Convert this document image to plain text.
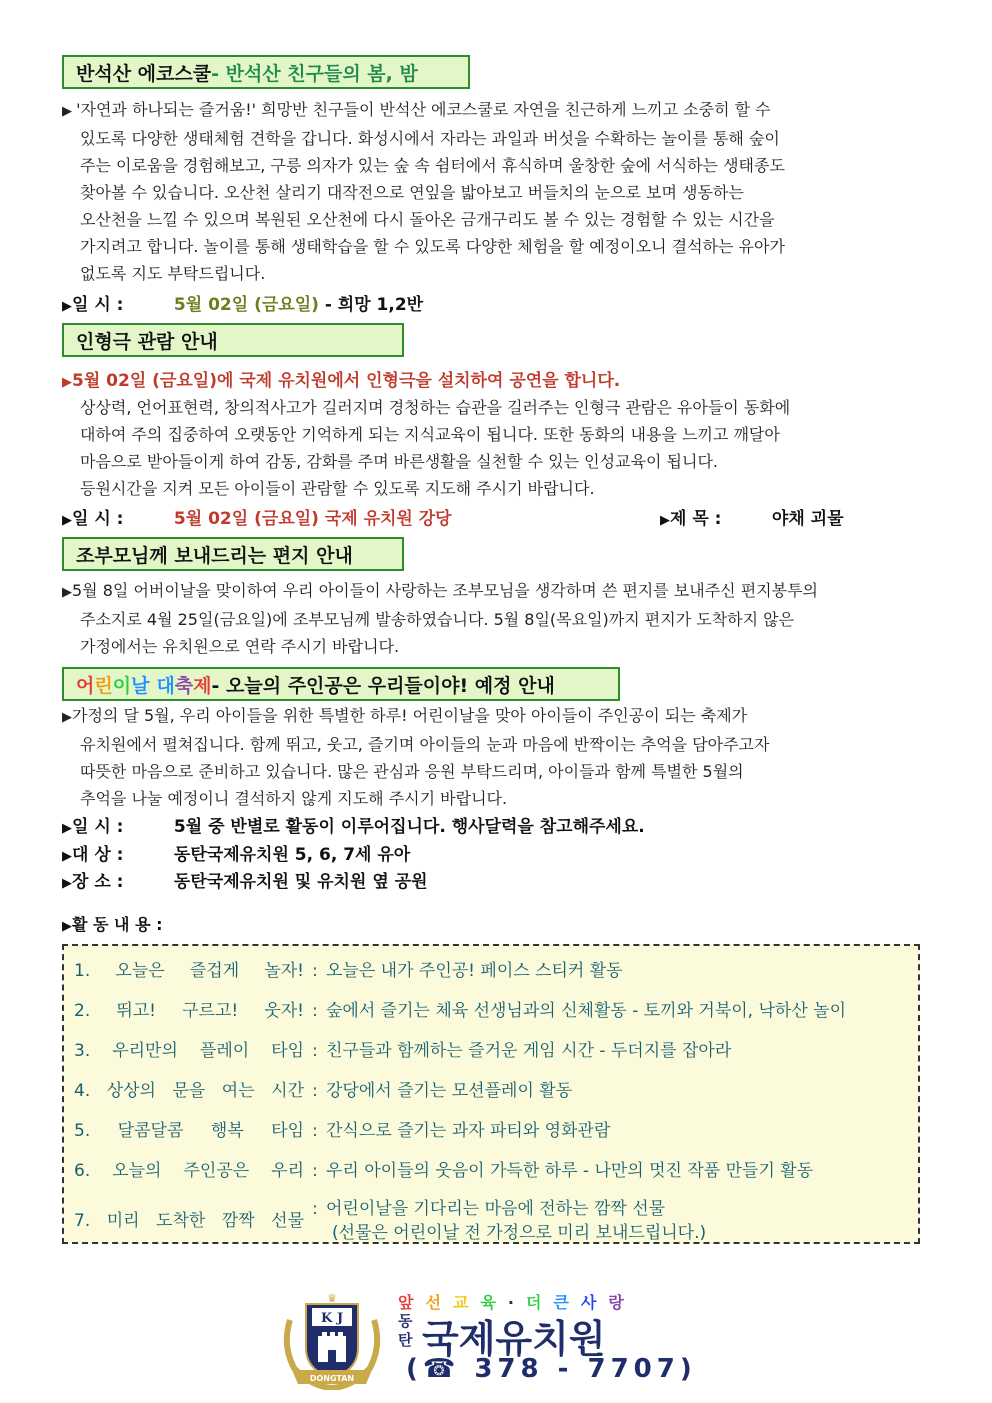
반석산 에코스쿨 - 반석산 친구들의 봄, 밤
▶ '자연과 하나되는 즐거움!' 희망반 친구들이 반석산 에코스쿨로 자연을 친근하게 느끼고 소중히 할 수
있도록 다양한 생태체험 견학을 갑니다. 화성시에서 자라는 과일과 버섯을 수확하는 놀이를 통해 숲이
주는 이로움을 경험해보고, 구릉 의자가 있는 숲 속 쉼터에서 휴식하며 울창한 숲에 서식하는 생태종도
찾아볼 수 있습니다. 오산천 살리기 대작전으로 연잎을 밟아보고 버들치의 눈으로 보며 생동하는
오산천을 느낄 수 있으며 복원된 오산천에 다시 돌아온 금개구리도 볼 수 있는 경험할 수 있는 시간을
가지려고 합니다. 놀이를 통해 생태학습을 할 수 있도록 다양한 체험을 할 예정이오니 결석하는 유아가
없도록 지도 부탁드립니다.
▶일 시 :	5월 02일 (금요일) - 희망 1,2반
인형극 관람 안내
▶5월 02일 (금요일)에 국제 유치원에서 인형극을 설치하여 공연을 합니다.
상상력, 언어표현력, 창의적사고가 길러지며 경청하는 습관을 길러주는 인형극 관람은 유아들이 동화에
대하여 주의 집중하여 오랫동안 기억하게 되는 지식교육이 됩니다. 또한 동화의 내용을 느끼고 깨달아
마음으로 받아들이게 하여 감동, 감화를 주며 바른생활을 실천할 수 있는 인성교육이 됩니다.
등원시간을 지켜 모든 아이들이 관람할 수 있도록 지도해 주시기 바랍니다.
▶일 시 :	5월 02일 (금요일) 국제 유치원 강당	▶제 목 :	야채 괴물
조부모님께 보내드리는 편지 안내
▶5월 8일 어버이날을 맞이하여 우리 아이들이 사랑하는 조부모님을 생각하며 쓴 편지를 보내주신 편지봉투의
주소지로 4월 25일(금요일)에 조부모님께 발송하였습니다. 5월 8일(목요일)까지 편지가 도착하지 않은
가정에서는 유치원으로 연락 주시기 바랍니다.
어린이날 대축제 - 오늘의 주인공은 우리들이야! 예정 안내
▶가정의 달 5월, 우리 아이들을 위한 특별한 하루! 어린이날을 맞아 아이들이 주인공이 되는 축제가
유치원에서 펼쳐집니다. 함께 뛰고, 웃고, 즐기며 아이들의 눈과 마음에 반짝이는 추억을 담아주고자
따뜻한 마음으로 준비하고 있습니다. 많은 관심과 응원 부탁드리며, 아이들과 함께 특별한 5월의
추억을 나눌 예정이니 결석하지 않게 지도해 주시기 바랍니다.
▶일 시 :	5월 중 반별로 활동이 이루어집니다. 행사달력을 참고해주세요.
▶대 상 :	동탄국제유치원 5, 6, 7세 유아
▶장 소 :	동탄국제유치원 및 유치원 옆 공원
▶활 동 내 용 :
1. 오늘은 즐겁게 놀자! : 오늘은 내가 주인공! 페이스 스티커 활동
2. 뛰고! 구르고! 웃자! : 숲에서 즐기는 체육 선생님과의 신체활동 - 토끼와 거북이, 낙하산 놀이
3. 우리만의 플레이 타임 : 친구들과 함께하는 즐거운 게임 시간 - 두더지를 잡아라
4. 상상의 문을 여는 시간 : 강당에서 즐기는 모션플레이 활동
5. 달콤달콤 행복 타임 : 간식으로 즐기는 과자 파티와 영화관람
6. 오늘의 주인공은 우리 : 우리 아이들의 웃음이 가득한 하루 - 나만의 멋진 작품 만들기 활동
7. 미리 도착한 깜짝 선물: 어린이날을 기다리는 마음에 전하는 깜짝 선물
(선물은 어린이날 전 가정으로 미리 보내드립니다.)
K J
♛
DONGTAN
앞 선 교 육 · 더 큰 사 랑
동
탄 국제유치원
(☎ 378 - 7707)
